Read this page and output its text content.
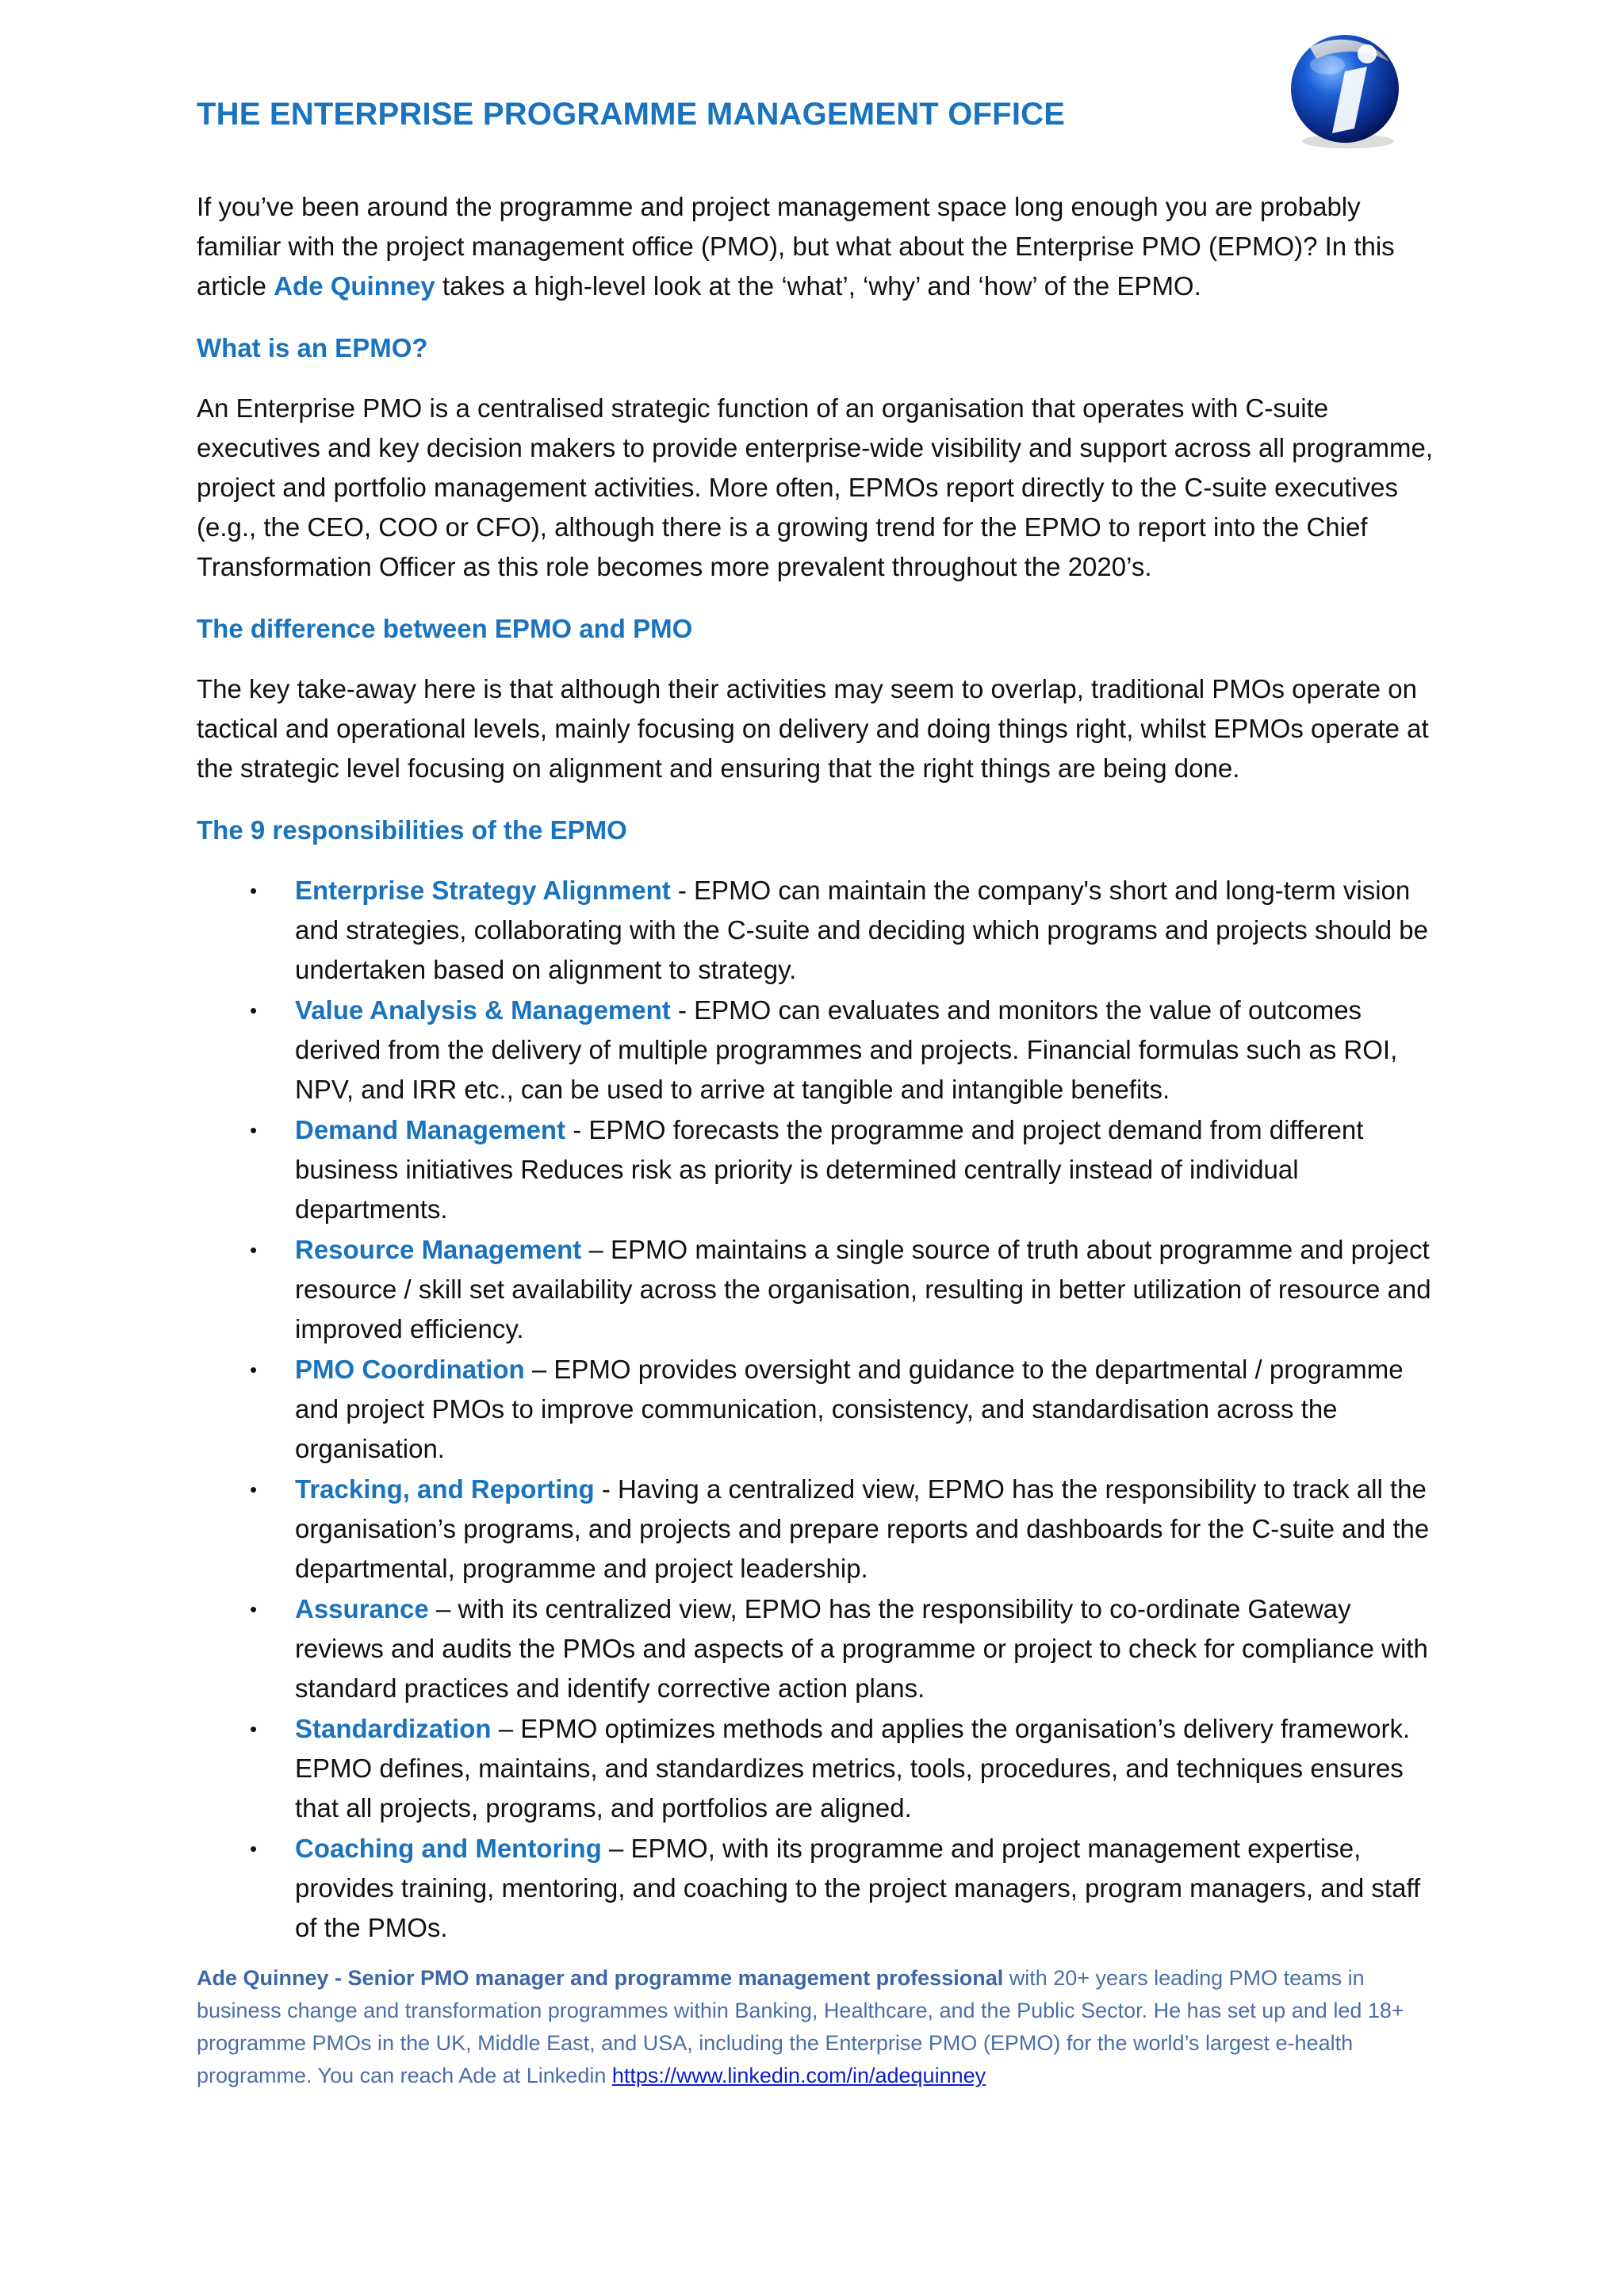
THE ENTERPRISE PROGRAMME MANAGEMENT OFFICE

If you’ve been around the programme and project management space long enough you are probably familiar with the project management office (PMO), but what about the Enterprise PMO (EPMO)? In this article Ade Quinney takes a high-level look at the ‘what’, ‘why’ and ‘how’ of the EPMO.

What is an EPMO?

An Enterprise PMO is a centralised strategic function of an organisation that operates with C-suite executives and key decision makers to provide enterprise-wide visibility and support across all programme, project and portfolio management activities. More often, EPMOs report directly to the C-suite executives (e.g., the CEO, COO or CFO), although there is a growing trend for the EPMO to report into the Chief Transformation Officer as this role becomes more prevalent throughout the 2020’s.

The difference between EPMO and PMO

The key take-away here is that although their activities may seem to overlap, traditional PMOs operate on tactical and operational levels, mainly focusing on delivery and doing things right, whilst EPMOs operate at the strategic level focusing on alignment and ensuring that the right things are being done.

The 9 responsibilities of the EPMO
• Enterprise Strategy Alignment - EPMO can maintain the company's short and long-term vision and strategies, collaborating with the C-suite and deciding which programs and projects should be undertaken based on alignment to strategy.
• Value Analysis & Management - EPMO can evaluates and monitors the value of outcomes derived from the delivery of multiple programmes and projects. Financial formulas such as ROI, NPV, and IRR etc., can be used to arrive at tangible and intangible benefits.
• Demand Management - EPMO forecasts the programme and project demand from different business initiatives Reduces risk as priority is determined centrally instead of individual departments.
• Resource Management – EPMO maintains a single source of truth about programme and project resource / skill set availability across the organisation, resulting in better utilization of resource and improved efficiency.
• PMO Coordination – EPMO provides oversight and guidance to the departmental / programme and project PMOs to improve communication, consistency, and standardisation across the organisation.
• Tracking, and Reporting - Having a centralized view, EPMO has the responsibility to track all the organisation’s programs, and projects and prepare reports and dashboards for the C-suite and the departmental, programme and project leadership.
• Assurance – with its centralized view, EPMO has the responsibility to co-ordinate Gateway reviews and audits the PMOs and aspects of a programme or project to check for compliance with standard practices and identify corrective action plans.
• Standardization – EPMO optimizes methods and applies the organisation’s delivery framework. EPMO defines, maintains, and standardizes metrics, tools, procedures, and techniques ensures that all projects, programs, and portfolios are aligned.
• Coaching and Mentoring – EPMO, with its programme and project management expertise, provides training, mentoring, and coaching to the project managers, program managers, and staff of the PMOs.
Ade Quinney - Senior PMO manager and programme management professional with 20+ years leading PMO teams in business change and transformation programmes within Banking, Healthcare, and the Public Sector. He has set up and led 18+ programme PMOs in the UK, Middle East, and USA, including the Enterprise PMO (EPMO) for the world’s largest e-health programme. You can reach Ade at Linkedin https://www.linkedin.com/in/adequinney
